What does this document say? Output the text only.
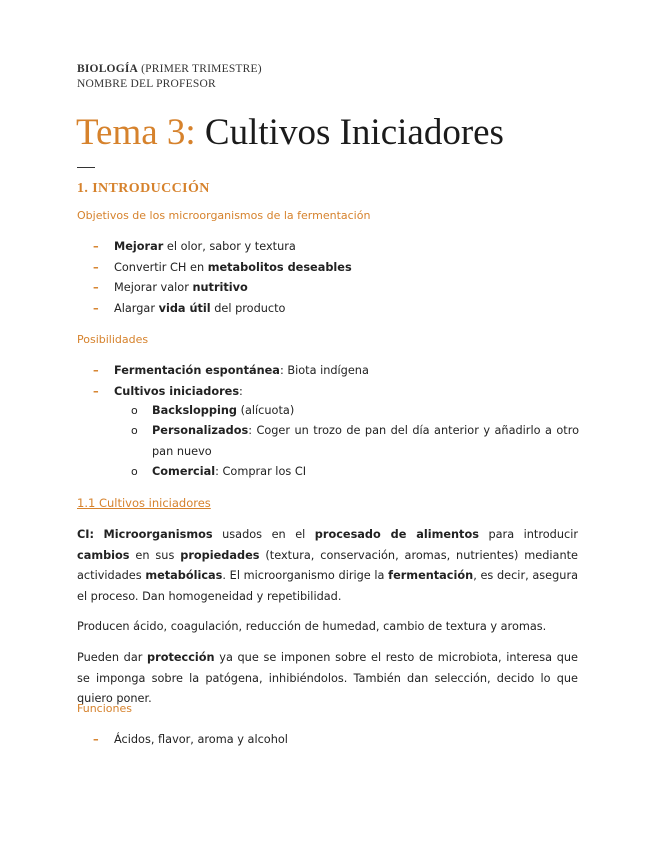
BIOLOGÍA (PRIMER TRIMESTRE)
NOMBRE DEL PROFESOR
Tema 3: Cultivos Iniciadores
1. INTRODUCCIÓN
Objetivos de los microorganismos de la fermentación
– Mejorar el olor, sabor y textura
– Convertir CH en metabolitos deseables
– Mejorar valor nutritivo
– Alargar vida útil del producto
Posibilidades
– Fermentación espontánea: Biota indígena
– Cultivos iniciadores:
o Backslopping (alícuota)
o Personalizados: Coger un trozo de pan del día anterior y añadirlo a otro pan nuevo
o Comercial: Comprar los CI
1.1 Cultivos iniciadores
CI: Microorganismos usados en el procesado de alimentos para introducir cambios en sus propiedades (textura, conservación, aromas, nutrientes) mediante actividades metabólicas. El microorganismo dirige la fermentación, es decir, asegura el proceso. Dan homogeneidad y repetibilidad.
Producen ácido, coagulación, reducción de humedad, cambio de textura y aromas.
Pueden dar protección ya que se imponen sobre el resto de microbiota, interesa que se imponga sobre la patógena, inhibiéndolos. También dan selección, decido lo que quiero poner.
Funciones
– Ácidos, flavor, aroma y alcohol
